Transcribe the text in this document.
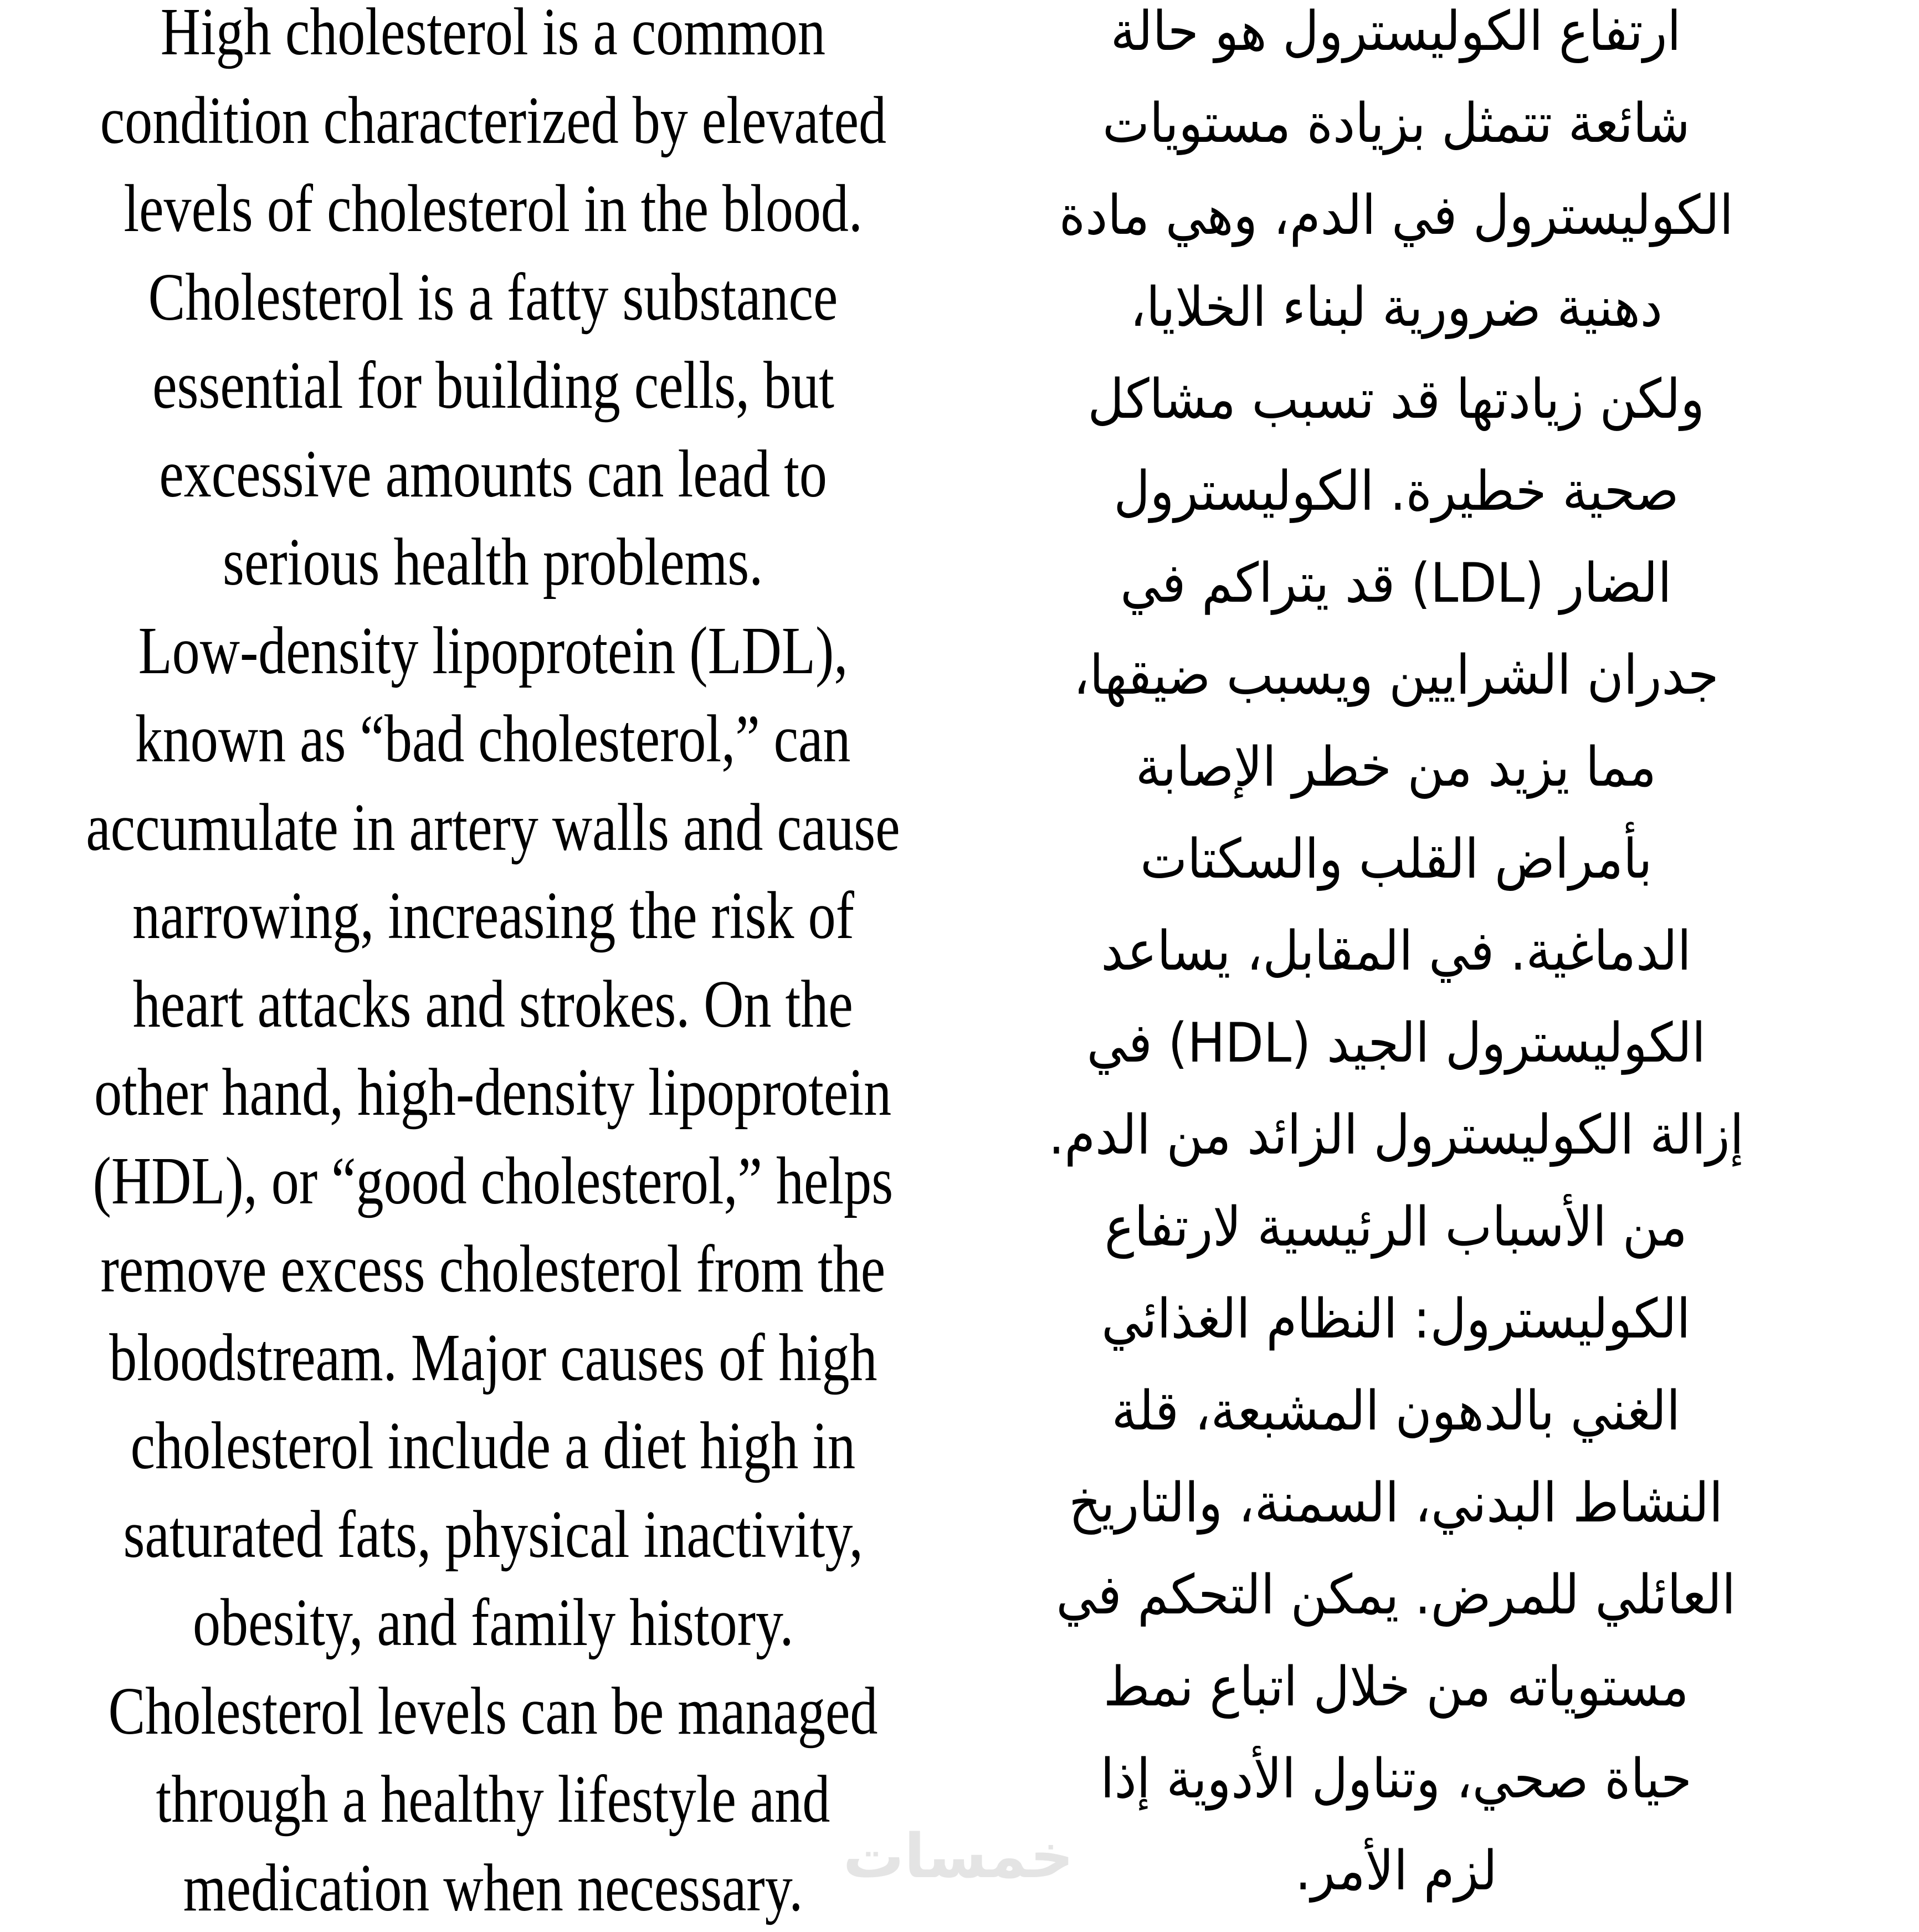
High cholesterol is a common
condition characterized by elevated
levels of cholesterol in the blood.
Cholesterol is a fatty substance
essential for building cells, but
excessive amounts can lead to
serious health problems.
Low-density lipoprotein (LDL),
known as “bad cholesterol,” can
accumulate in artery walls and cause
narrowing, increasing the risk of
heart attacks and strokes. On the
other hand, high-density lipoprotein
(HDL), or “good cholesterol,” helps
remove excess cholesterol from the
bloodstream. Major causes of high
cholesterol include a diet high in
saturated fats, physical inactivity,
obesity, and family history.
Cholesterol levels can be managed
through a healthy lifestyle and
medication when necessary.
ارتفاع الكوليسترول هو حالة
شائعة تتمثل بزيادة مستويات
الكوليسترول في الدم، وهي مادة
دهنية ضرورية لبناء الخلايا،
ولكن زيادتها قد تسبب مشاكل
صحية خطيرة. الكوليسترول
الضار (LDL) قد يتراكم في
جدران الشرايين ويسبب ضيقها،
مما يزيد من خطر الإصابة
بأمراض القلب والسكتات
الدماغية. في المقابل، يساعد
الكوليسترول الجيد (HDL) في
إزالة الكوليسترول الزائد من الدم.
من الأسباب الرئيسية لارتفاع
الكوليسترول: النظام الغذائي
الغني بالدهون المشبعة، قلة
النشاط البدني، السمنة، والتاريخ
العائلي للمرض. يمكن التحكم في
مستوياته من خلال اتباع نمط
حياة صحي، وتناول الأدوية إذا
لزم الأمر.
خمسات
